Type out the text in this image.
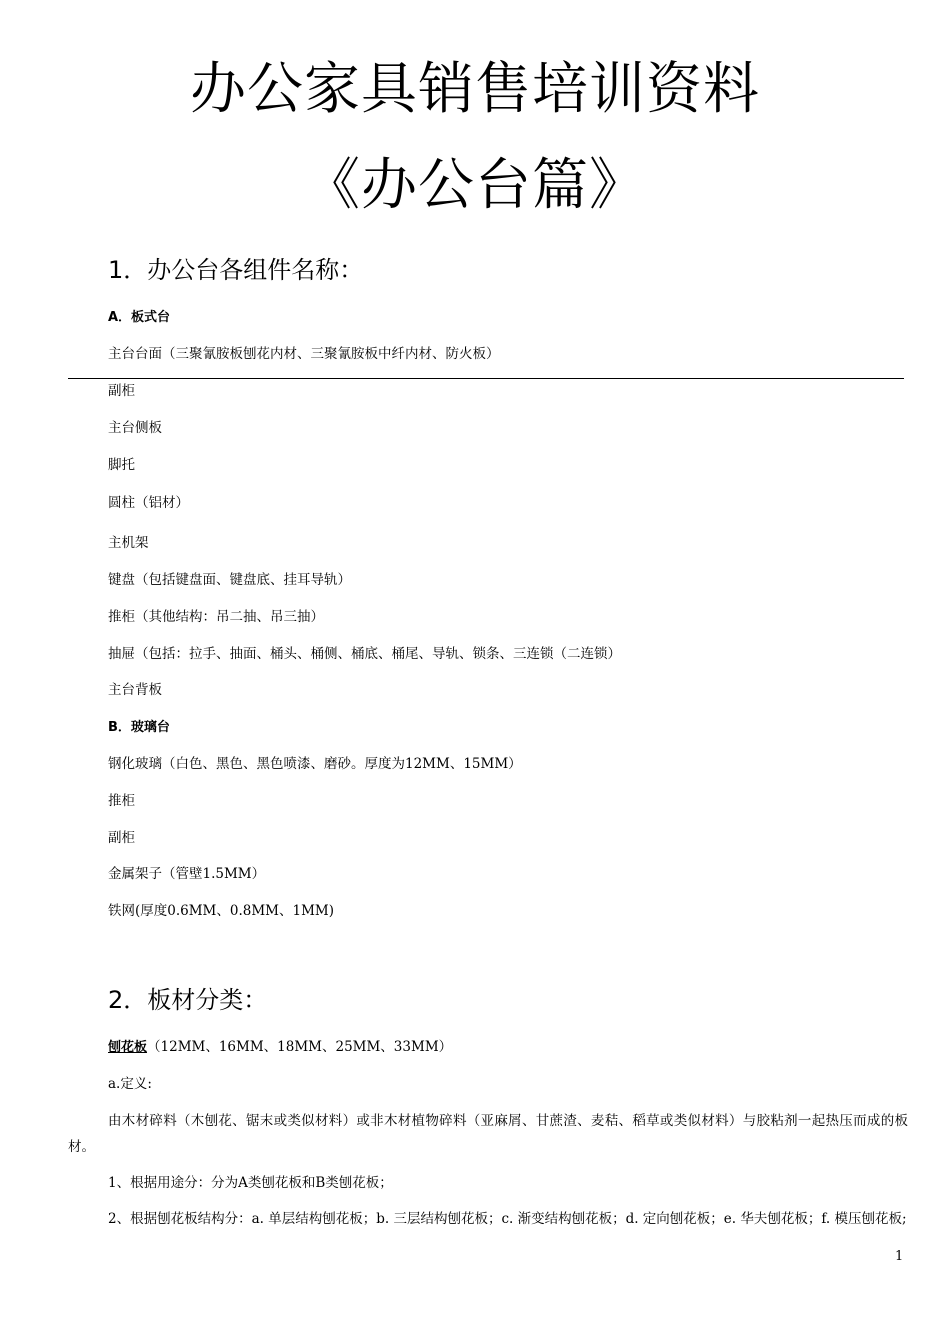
办公家具销售培训资料
《办公台篇》
1．办公台各组件名称：
A．板式台
主台台面（三聚氰胺板刨花内材、三聚氰胺板中纤内材、防火板）
副柜
主台侧板
脚托
圆柱（铝材）
主机架
键盘（包括键盘面、键盘底、挂耳导轨）
推柜（其他结构：吊二抽、吊三抽）
抽屉（包括：拉手、抽面、桶头、桶侧、桶底、桶尾、导轨、锁条、三连锁（二连锁）
主台背板
B．玻璃台
钢化玻璃（白色、黑色、黑色喷漆、磨砂。厚度为12MM、15MM）
推柜
副柜
金属架子（管壁1.5MM）
铁网(厚度0.6MM、0.8MM、1MM)
2．板材分类：
刨花板（12MM、16MM、18MM、25MM、33MM）
a.定义:
由木材碎料（木刨花、锯末或类似材料）或非木材植物碎料（亚麻屑、甘蔗渣、麦秸、稻草或类似材料）与胶粘剂一起热压而成的板材。
1、根据用途分：分为A类刨花板和B类刨花板；
2、根据刨花板结构分：a. 单层结构刨花板；b. 三层结构刨花板；c. 渐变结构刨花板；d. 定向刨花板；e. 华夫刨花板；f. 模压刨花板;
1
